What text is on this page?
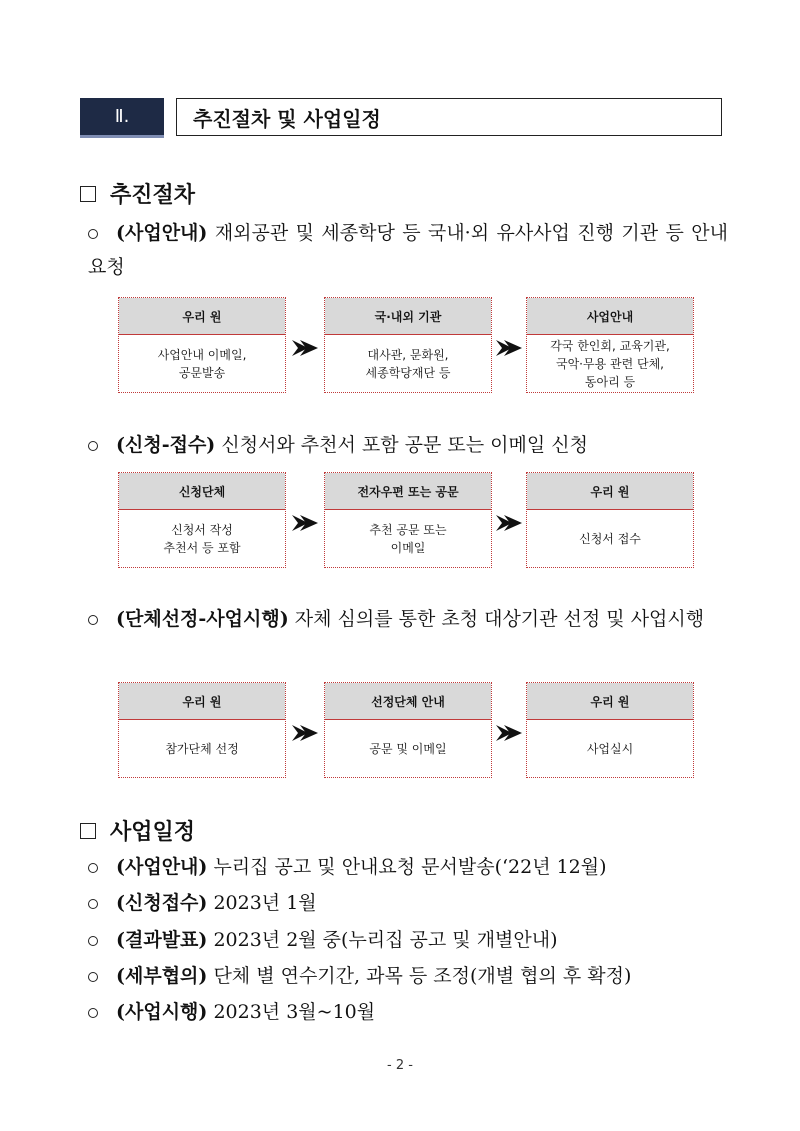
Ⅱ.	추진절차 및 사업일정
추진절차
(사업안내) 재외공관 및 세종학당 등 국내·외 유사사업 진행 기관 등 안내 요청
우리 원
사업안내 이메일,
공문발송
국·내외 기관
대사관, 문화원,
세종학당재단 등
사업안내
각국 한인회, 교육기관,
국악·무용 관련 단체,
동아리 등
(신청-접수) 신청서와 추천서 포함 공문 또는 이메일 신청
신청단체
신청서 작성
추천서 등 포함
전자우편 또는 공문
추천 공문 또는
이메일
우리 원
신청서 접수
(단체선정-사업시행) 자체 심의를 통한 초청 대상기관 선정 및 사업시행
우리 원
참가단체 선정
선정단체 안내
공문 및 이메일
우리 원
사업실시
사업일정
(사업안내) 누리집 공고 및 안내요청 문서발송(‘22년 12월)
(신청접수) 2023년 1월
(결과발표) 2023년 2월 중(누리집 공고 및 개별안내)
(세부협의) 단체 별 연수기간, 과목 등 조정(개별 협의 후 확정)
(사업시행) 2023년 3월~10월
- 2 -
